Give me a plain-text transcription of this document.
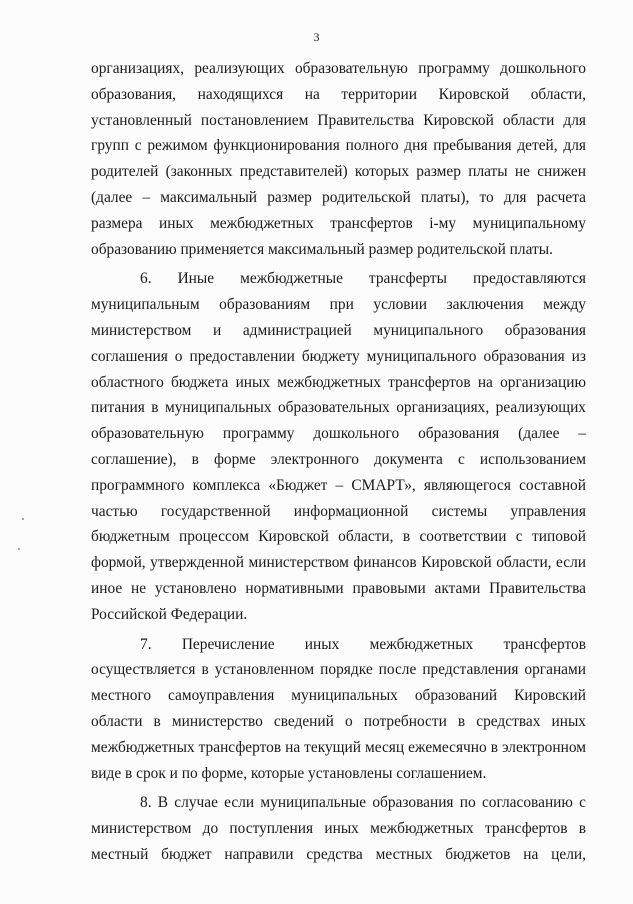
3

организациях, реализующих образовательную программу дошкольного образования, находящихся на территории Кировской области, установленный постановлением Правительства Кировской области для групп с режимом функционирования полного дня пребывания детей, для родителей (законных представителей) которых размер платы не снижен (далее – максимальный размер родительской платы), то для расчета размера иных межбюджетных трансфертов i-му муниципальному образованию применяется максимальный размер родительской платы.

6. Иные межбюджетные трансферты предоставляются муниципальным образованиям при условии заключения между министерством и администрацией муниципального образования соглашения о предоставлении бюджету муниципального образования из областного бюджета иных межбюджетных трансфертов на организацию питания в муниципальных образовательных организациях, реализующих образовательную программу дошкольного образования (далее – соглашение), в форме электронного документа с использованием программного комплекса «Бюджет – СМАРТ», являющегося составной частью государственной информационной системы управления бюджетным процессом Кировской области, в соответствии с типовой формой, утвержденной министерством финансов Кировской области, если иное не установлено нормативными правовыми актами Правительства Российской Федерации.

7. Перечисление иных межбюджетных трансфертов осуществляется в установленном порядке после представления органами местного самоуправления муниципальных образований Кировский области в министерство сведений о потребности в средствах иных межбюджетных трансфертов на текущий месяц ежемесячно в электронном виде в срок и по форме, которые установлены соглашением.

8. В случае если муниципальные образования по согласованию с министерством до поступления иных межбюджетных трансфертов в местный бюджет направили средства местных бюджетов на цели,
